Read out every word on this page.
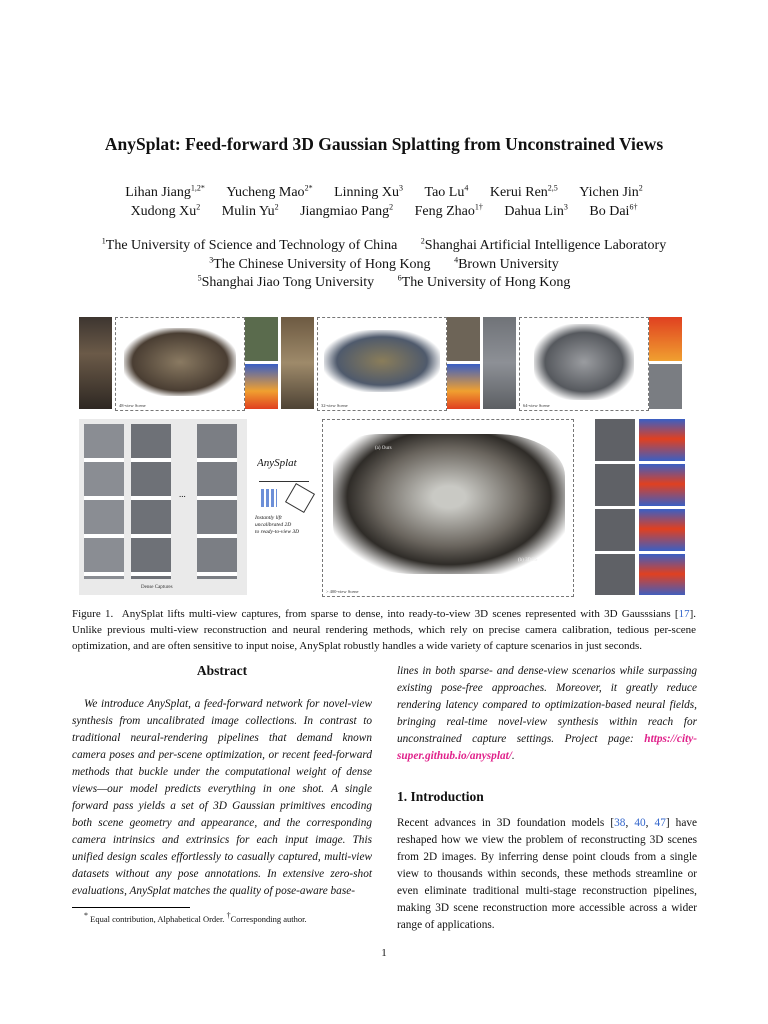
AnySplat: Feed-forward 3D Gaussian Splatting from Unconstrained Views
Lihan Jiang$^{1,2*}$ Yucheng Mao$^{2*}$ Linning Xu$^3$ Tao Lu$^4$ Kerui Ren$^{2,5}$ Yichen Jin$^2$
Xudong Xu$^2$ Mulin Yu$^2$ Jiangmiao Pang$^2$ Feng Zhao$^{1\dagger}$ Dahua Lin$^3$ Bo Dai$^{6\dagger}$
$^1$The University of Science and Technology of China	$^2$Shanghai Artificial Intelligence Laboratory
$^3$The Chinese University of Hong Kong	$^4$Brown University
$^5$Shanghai Jiao Tong University	$^6$The University of Hong Kong
48-view Scene	32-view Scene	64-view Scene
...
Dense Captures
AnySplat
Instantly lift
uncalibrated 2D
to ready-to-view 3D
(a) Ours
(b) 3DGS
> 400-view Scene
Figure 1. AnySplat lifts multi-view captures, from sparse to dense, into ready-to-view 3D scenes represented with 3D Gausssians [17]. Unlike previous multi-view reconstruction and neural rendering methods, which rely on precise camera calibration, tedious per-scene optimization, and are often sensitive to input noise, AnySplat robustly handles a wide variety of capture scenarios in just seconds.
Abstract
We introduce AnySplat, a feed-forward network for novel-view synthesis from uncalibrated image collections. In contrast to traditional neural-rendering pipelines that demand known camera poses and per-scene optimization, or recent feed-forward methods that buckle under the computational weight of dense views—our model predicts everything in one shot. A single forward pass yields a set of 3D Gaussian primitives encoding both scene geometry and appearance, and the corresponding camera intrinsics and extrinsics for each input image. This unified design scales effortlessly to casually captured, multi-view datasets without any pose annotations. In extensive zero-shot evaluations, AnySplat matches the quality of pose-aware base-
lines in both sparse- and dense-view scenarios while surpassing existing pose-free approaches. Moreover, it greatly reduce rendering latency compared to optimization-based neural fields, bringing real-time novel-view synthesis within reach for unconstrained capture settings. Project page: https://city-super.github.io/anysplat/.
* Equal contribution, Alphabetical Order. †Corresponding author.
1. Introduction
Recent advances in 3D foundation models [38, 40, 47] have reshaped how we view the problem of reconstructing 3D scenes from 2D images. By inferring dense point clouds from a single view to thousands within seconds, these methods streamline or even eliminate traditional multi-stage reconstruction pipelines, making 3D scene reconstruction more accessible across a wider range of applications.
1
